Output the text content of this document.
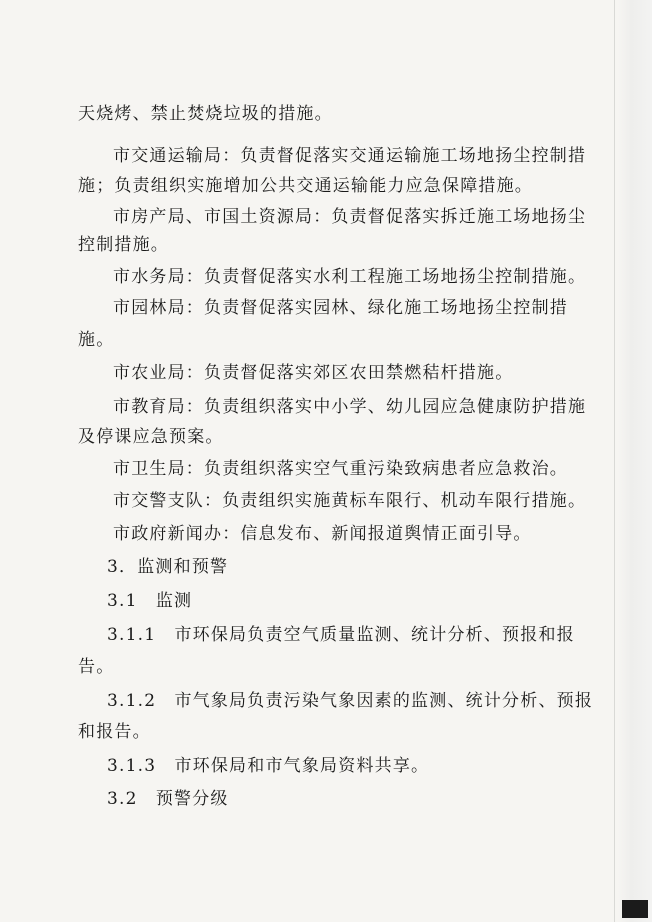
天烧烤、禁止焚烧垃圾的措施。
市交通运输局：负责督促落实交通运输施工场地扬尘控制措
施；负责组织实施增加公共交通运输能力应急保障措施。
市房产局、市国土资源局：负责督促落实拆迁施工场地扬尘
控制措施。
市水务局：负责督促落实水利工程施工场地扬尘控制措施。
市园林局：负责督促落实园林、绿化施工场地扬尘控制措
施。
市农业局：负责督促落实郊区农田禁燃秸杆措施。
市教育局：负责组织落实中小学、幼儿园应急健康防护措施
及停课应急预案。
市卫生局：负责组织落实空气重污染致病患者应急救治。
市交警支队：负责组织实施黄标车限行、机动车限行措施。
市政府新闻办：信息发布、新闻报道舆情正面引导。
3．监测和预警
3.1　监测
3.1.1　市环保局负责空气质量监测、统计分析、预报和报
告。
3.1.2　市气象局负责污染气象因素的监测、统计分析、预报
和报告。
3.1.3　市环保局和市气象局资料共享。
3.2　预警分级
